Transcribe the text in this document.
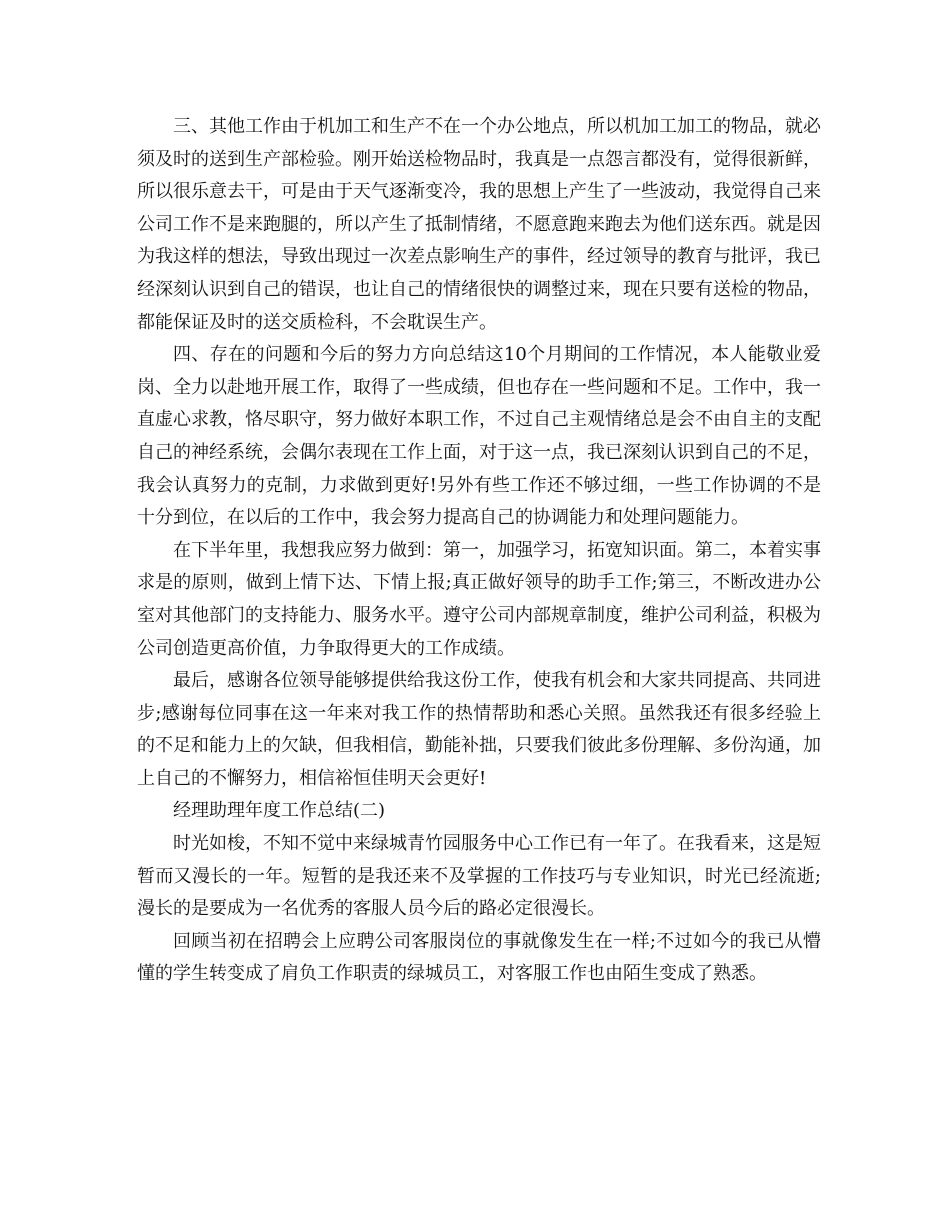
三、其他工作由于机加工和生产不在一个办公地点，所以机加工加工的物品，就必须及时的送到生产部检验。刚开始送检物品时，我真是一点怨言都没有，觉得很新鲜，所以很乐意去干，可是由于天气逐渐变冷，我的思想上产生了一些波动，我觉得自己来公司工作不是来跑腿的，所以产生了抵制情绪，不愿意跑来跑去为他们送东西。就是因为我这样的想法，导致出现过一次差点影响生产的事件，经过领导的教育与批评，我已经深刻认识到自己的错误，也让自己的情绪很快的调整过来，现在只要有送检的物品，都能保证及时的送交质检科，不会耽误生产。

四、存在的问题和今后的努力方向总结这10个月期间的工作情况，本人能敬业爱岗、全力以赴地开展工作，取得了一些成绩，但也存在一些问题和不足。工作中，我一直虚心求教，恪尽职守，努力做好本职工作，不过自己主观情绪总是会不由自主的支配自己的神经系统，会偶尔表现在工作上面，对于这一点，我已深刻认识到自己的不足，我会认真努力的克制，力求做到更好!另外有些工作还不够过细，一些工作协调的不是十分到位，在以后的工作中，我会努力提高自己的协调能力和处理问题能力。

在下半年里，我想我应努力做到：第一，加强学习，拓宽知识面。第二，本着实事求是的原则，做到上情下达、下情上报;真正做好领导的助手工作;第三，不断改进办公室对其他部门的支持能力、服务水平。遵守公司内部规章制度，维护公司利益，积极为公司创造更高价值，力争取得更大的工作成绩。

最后，感谢各位领导能够提供给我这份工作，使我有机会和大家共同提高、共同进步;感谢每位同事在这一年来对我工作的热情帮助和悉心关照。虽然我还有很多经验上的不足和能力上的欠缺，但我相信，勤能补拙，只要我们彼此多份理解、多份沟通，加上自己的不懈努力，相信裕恒佳明天会更好!

经理助理年度工作总结(二)

时光如梭，不知不觉中来绿城青竹园服务中心工作已有一年了。在我看来，这是短暂而又漫长的一年。短暂的是我还来不及掌握的工作技巧与专业知识，时光已经流逝;漫长的是要成为一名优秀的客服人员今后的路必定很漫长。

回顾当初在招聘会上应聘公司客服岗位的事就像发生在一样;不过如今的我已从懵懂的学生转变成了肩负工作职责的绿城员工，对客服工作也由陌生变成了熟悉。
